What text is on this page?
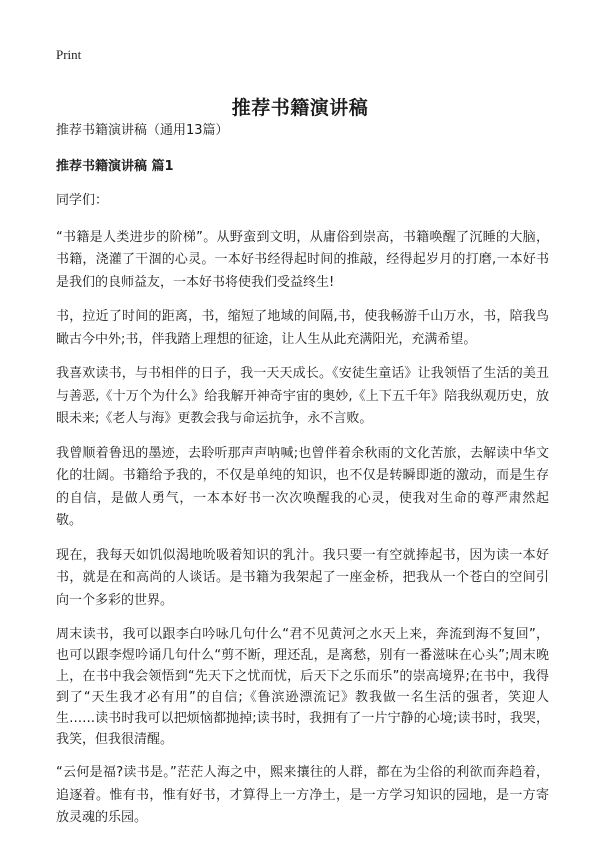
Print
推荐书籍演讲稿

推荐书籍演讲稿（通用13篇）

推荐书籍演讲稿 篇1

同学们：

“书籍是人类进步的阶梯”。从野蛮到文明，从庸俗到崇高，书籍唤醒了沉睡的大脑，书籍，浇灌了干涸的心灵。一本好书经得起时间的推敲，经得起岁月的打磨,一本好书是我们的良师益友，一本好书将使我们受益终生!

书，拉近了时间的距离，书，缩短了地域的间隔,书，使我畅游千山万水，书，陪我鸟瞰古今中外;书，伴我踏上理想的征途，让人生从此充满阳光，充满希望。

我喜欢读书，与书相伴的日子，我一天天成长。《安徒生童话》让我领悟了生活的美丑与善恶,《十万个为什么》给我解开神奇宇宙的奥妙,《上下五千年》陪我纵观历史，放眼未来;《老人与海》更教会我与命运抗争，永不言败。

我曾顺着鲁迅的墨迹，去聆听那声声呐喊;也曾伴着余秋雨的文化苦旅，去解读中华文化的壮阔。书籍给予我的，不仅是单纯的知识，也不仅是转瞬即逝的激动，而是生存的自信，是做人勇气，一本本好书一次次唤醒我的心灵，使我对生命的尊严肃然起敬。

现在，我每天如饥似渴地吮吸着知识的乳汁。我只要一有空就捧起书，因为读一本好书，就是在和高尚的人谈话。是书籍为我架起了一座金桥，把我从一个苍白的空间引向一个多彩的世界。

周末读书，我可以跟李白吟咏几句什么“君不见黄河之水天上来，奔流到海不复回”，也可以跟李煜吟诵几句什么“剪不断，理还乱，是离愁，别有一番滋味在心头”;周末晚上，在书中我会领悟到“先天下之忧而忧，后天下之乐而乐”的崇高境界;在书中，我得到了“天生我才必有用”的自信;《鲁滨逊漂流记》教我做一名生活的强者，笑迎人生……读书时我可以把烦恼都抛掉;读书时，我拥有了一片宁静的心境;读书时，我哭，我笑，但我很清醒。

“云何是福?读书是。”茫茫人海之中，熙来攘往的人群，都在为尘俗的利欲而奔趋着，追逐着。惟有书，惟有好书，才算得上一方净土，是一方学习知识的园地，是一方寄放灵魂的乐园。
